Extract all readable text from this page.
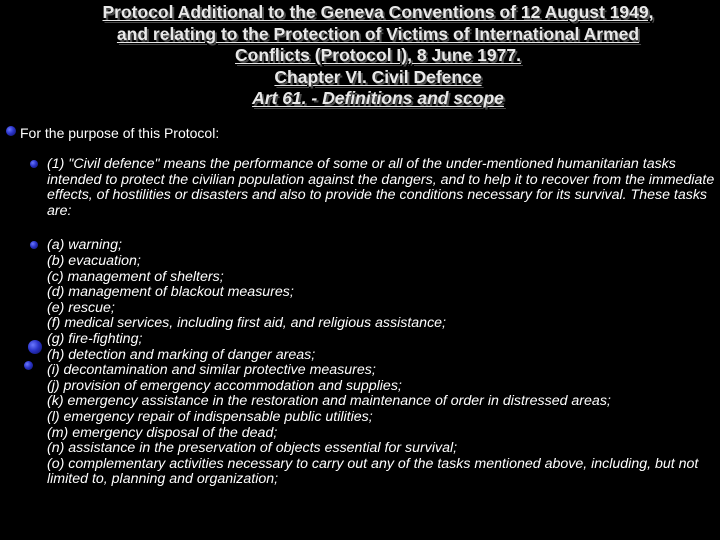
Protocol Additional to the Geneva Conventions of 12 August 1949,
and relating to the Protection of Victims of International Armed
Conflicts (Protocol I), 8 June 1977.
Chapter VI. Civil Defence
Art 61. - Definitions and scope
For the purpose of this Protocol:

(1) "Civil defence" means the performance of some or all of the under-mentioned humanitarian tasks intended to protect the civilian population against the dangers, and to help it to recover from the immediate effects, of hostilities or disasters and also to provide the conditions necessary for its survival. These tasks are:

(a) warning;
(b) evacuation;
(c) management of shelters;
(d) management of blackout measures;
(e) rescue;
(f) medical services, including first aid, and religious assistance;
(g) fire-fighting;
(h) detection and marking of danger areas;
(i) decontamination and similar protective measures;
(j) provision of emergency accommodation and supplies;
(k) emergency assistance in the restoration and maintenance of order in distressed areas;
(l) emergency repair of indispensable public utilities;
(m) emergency disposal of the dead;
(n) assistance in the preservation of objects essential for survival;
(o) complementary activities necessary to carry out any of the tasks mentioned above, including, but not limited to, planning and organization;
